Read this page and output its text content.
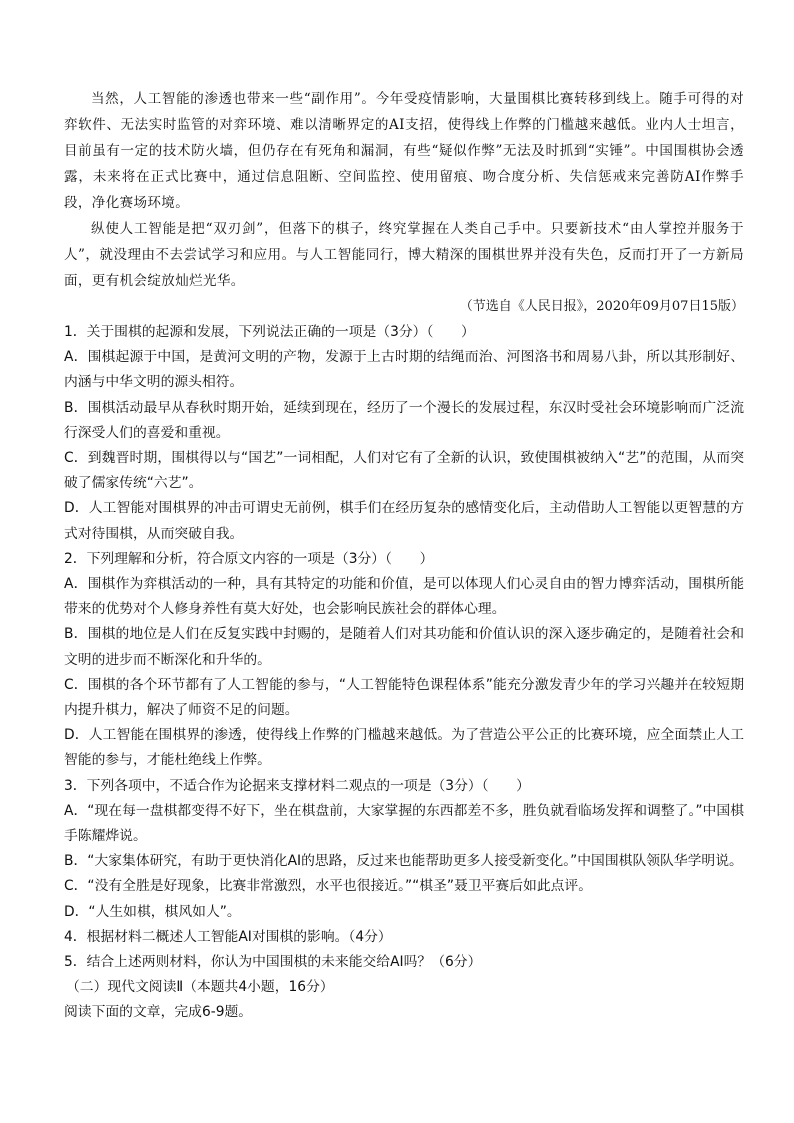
当然，人工智能的渗透也带来一些“副作用”。今年受疫情影响，大量围棋比赛转移到线上。随手可得的对弈软件、无法实时监管的对弈环境、难以清晰界定的AI支招，使得线上作弊的门槛越来越低。业内人士坦言，目前虽有一定的技术防火墙，但仍存在有死角和漏洞，有些“疑似作弊”无法及时抓到“实锤”。中国围棋协会透露，未来将在正式比赛中，通过信息阻断、空间监控、使用留痕、吻合度分析、失信惩戒来完善防AI作弊手段，净化赛场环境。

纵使人工智能是把“双刃剑”，但落下的棋子，终究掌握在人类自己手中。只要新技术“由人掌控并服务于人”，就没理由不去尝试学习和应用。与人工智能同行，博大精深的围棋世界并没有失色，反而打开了一方新局面，更有机会绽放灿烂光华。

（节选自《人民日报》，2020年09月07日15版）
1．关于围棋的起源和发展，下列说法正确的一项是（3分）（　　）
A．围棋起源于中国，是黄河文明的产物，发源于上古时期的结绳而治、河图洛书和周易八卦，所以其形制好、内涵与中华文明的源头相符。
B．围棋活动最早从春秋时期开始，延续到现在，经历了一个漫长的发展过程，东汉时受社会环境影响而广泛流行深受人们的喜爱和重视。
C．到魏晋时期，围棋得以与“国艺”一词相配，人们对它有了全新的认识，致使围棋被纳入“艺”的范围，从而突破了儒家传统“六艺”。
D．人工智能对围棋界的冲击可谓史无前例，棋手们在经历复杂的感情变化后，主动借助人工智能以更智慧的方式对待围棋，从而突破自我。
2．下列理解和分析，符合原文内容的一项是（3分）（　　）
A．围棋作为弈棋活动的一种，具有其特定的功能和价值，是可以体现人们心灵自由的智力博弈活动，围棋所能带来的优势对个人修身养性有莫大好处，也会影响民族社会的群体心理。
B．围棋的地位是人们在反复实践中封赐的，是随着人们对其功能和价值认识的深入逐步确定的，是随着社会和文明的进步而不断深化和升华的。
C．围棋的各个环节都有了人工智能的参与，“人工智能特色课程体系”能充分激发青少年的学习兴趣并在较短期内提升棋力，解决了师资不足的问题。
D．人工智能在围棋界的渗透，使得线上作弊的门槛越来越低。为了营造公平公正的比赛环境，应全面禁止人工智能的参与，才能杜绝线上作弊。
3．下列各项中，不适合作为论据来支撑材料二观点的一项是（3分）（　　）
A．“现在每一盘棋都变得不好下，坐在棋盘前，大家掌握的东西都差不多，胜负就看临场发挥和调整了。”中国棋手陈耀烨说。
B．“大家集体研究，有助于更快消化AI的思路，反过来也能帮助更多人接受新变化。”中国围棋队领队华学明说。
C．“没有全胜是好现象，比赛非常激烈，水平也很接近。”“棋圣”聂卫平赛后如此点评。
D．“人生如棋，棋风如人”。
4．根据材料二概述人工智能AI对围棋的影响。（4分）
5．结合上述两则材料，你认为中国围棋的未来能交给AI吗？（6分）
（二）现代文阅读Ⅱ（本题共4小题，16分）
阅读下面的文章，完成6-9题。
